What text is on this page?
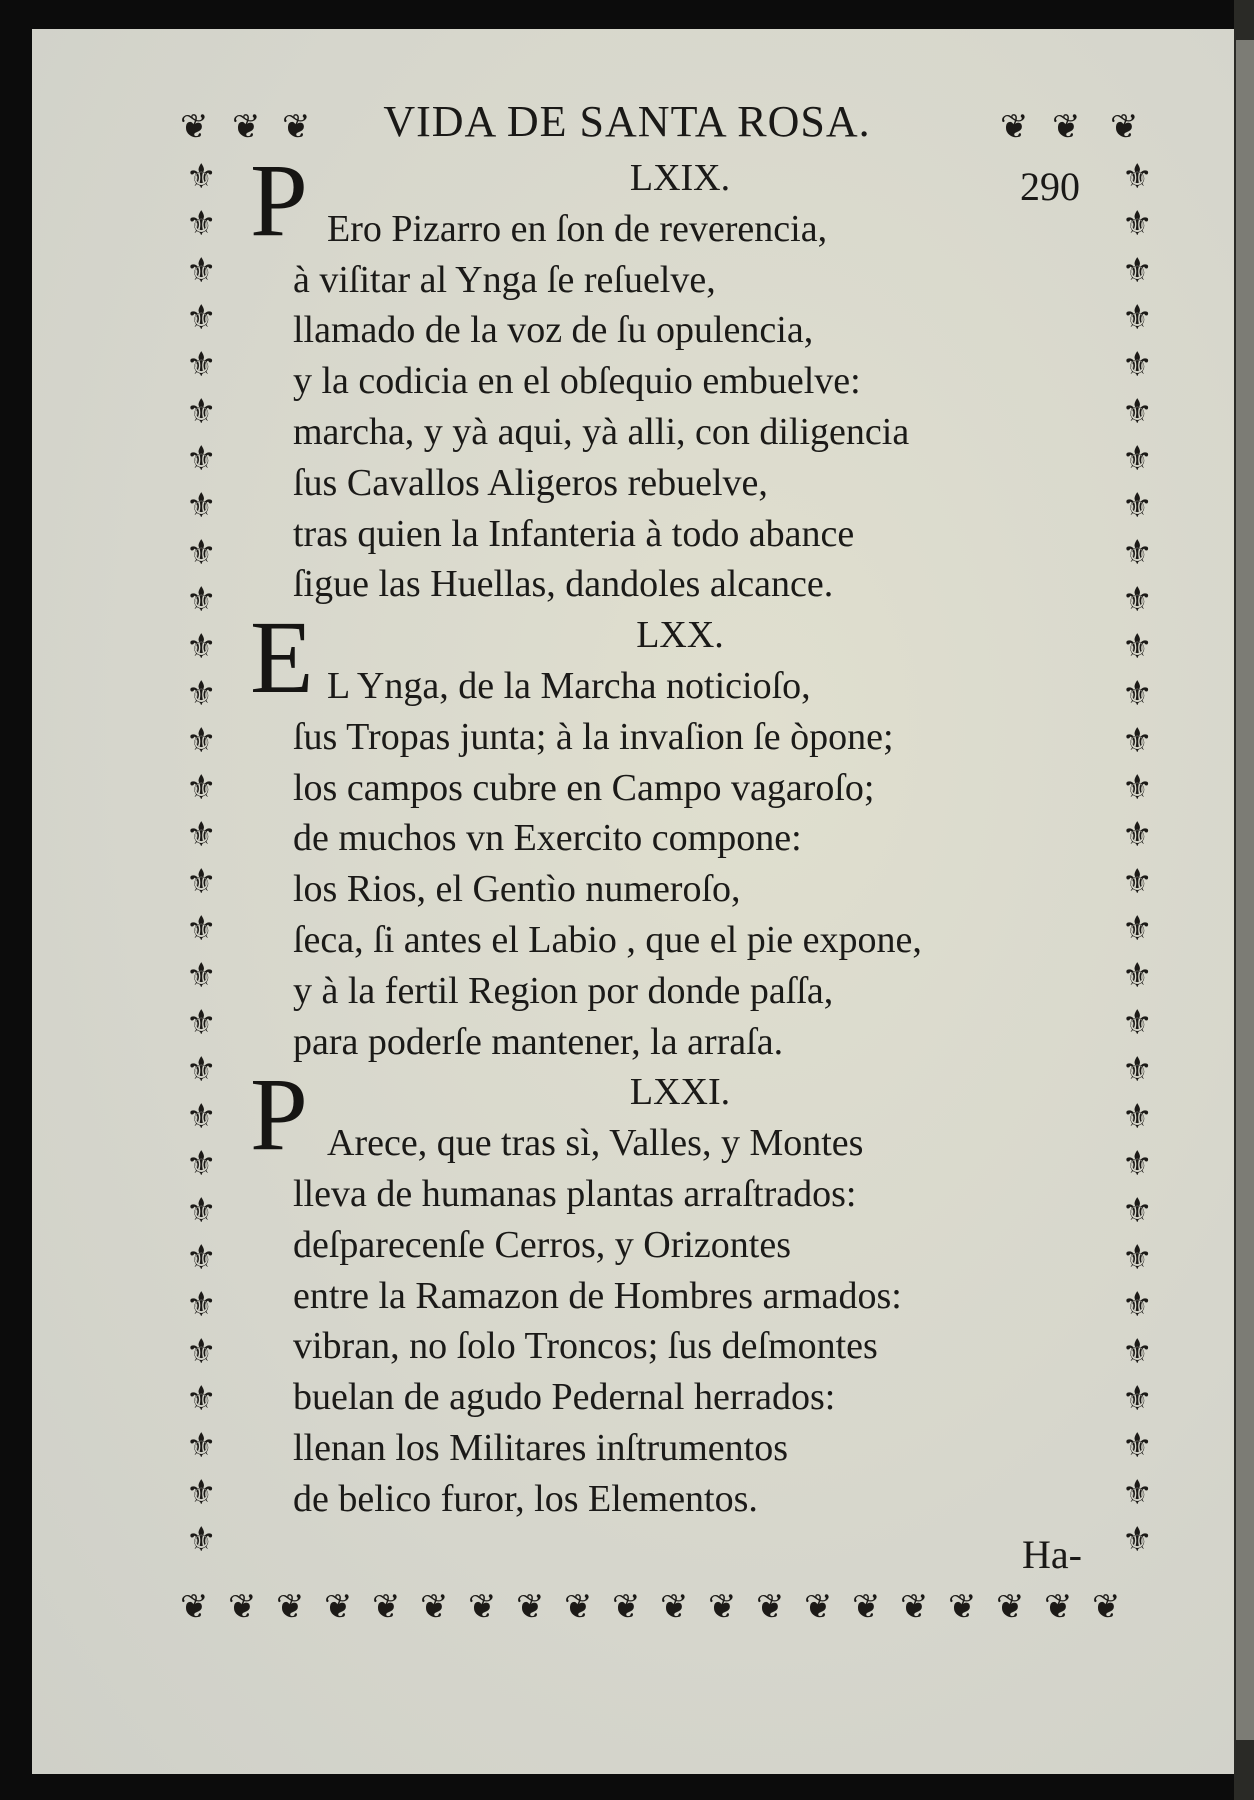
⚜	⚜
⚜	⚜
⚜	⚜
⚜	⚜
⚜	⚜
⚜	⚜
⚜	⚜
⚜	⚜
⚜	⚜
⚜	⚜
⚜	⚜
⚜	⚜
⚜	⚜
⚜	⚜
⚜	⚜
⚜	⚜
⚜	⚜
⚜	⚜
⚜	⚜
⚜	⚜
⚜	⚜
⚜	⚜
⚜	⚜
⚜	⚜
⚜	⚜
⚜	⚜
⚜	⚜
⚜	⚜
⚜	⚜
⚜	⚜
❦ ❦ ❦	❦ ❦ ❦
❦ ❦ ❦ ❦ ❦ ❦ ❦ ❦ ❦ ❦ ❦ ❦ ❦ ❦ ❦ ❦ ❦ ❦ ❦ ❦
VIDA DE SANTA ROSA.
290
Ha-
P	LXIX.
Ero Pizarro en ſon de reverencia,
à viſitar al Ynga ſe reſuelve,
llamado de la voz de ſu opulencia,
y la codicia en el obſequio embuelve:
marcha, y yà aqui, yà alli, con diligencia
ſus Cavallos Aligeros rebuelve,
tras quien la Infanteria à todo abance
ſigue las Huellas, dandoles alcance.
E	LXX.
L Ynga, de la Marcha noticioſo,
ſus Tropas junta; à la invaſion ſe òpone;
los campos cubre en Campo vagaroſo;
de muchos vn Exercito compone:
los Rios, el Gentìo numeroſo,
ſeca, ſi antes el Labio , que el pie expone,
y à la fertil Region por donde paſſa,
para poderſe mantener, la arraſa.
P	LXXI.
Arece, que tras sì, Valles, y Montes
lleva de humanas plantas arraſtrados:
deſparecenſe Cerros, y Orizontes
entre la Ramazon de Hombres armados:
vibran, no ſolo Troncos; ſus deſmontes
buelan de agudo Pedernal herrados:
llenan los Militares inſtrumentos
de belico furor, los Elementos.
